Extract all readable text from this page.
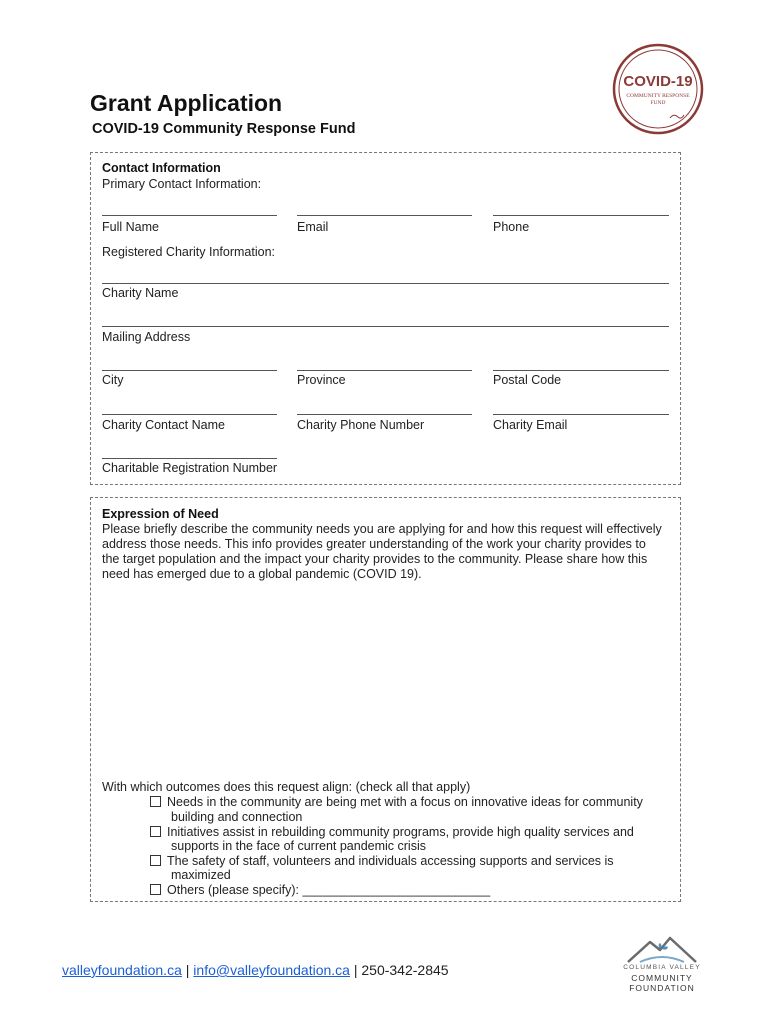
Grant Application
COVID-19 Community Response Fund
COVID-19
COMMUNITY RESPONSE
FUND
Contact Information
Primary Contact Information:
Full Name	Email	Phone
Registered Charity Information:
Charity Name
Mailing Address
City	Province	Postal Code
Charity Contact Name	Charity Phone Number	Charity Email
Charitable Registration Number
Expression of Need
Please briefly describe the community needs you are applying for and how this request will effectively
address those needs. This info provides greater understanding of the work your charity provides to
the target population and the impact your charity provides to the community. Please share how this
need has emerged due to a global pandemic (COVID 19).
With which outcomes does this request align: (check all that apply)
Needs in the community are being met with a focus on innovative ideas for community
building and connection
Initiatives assist in rebuilding community programs, provide high quality services and
supports in the face of current pandemic crisis
The safety of staff, volunteers and individuals accessing supports and services is
maximized
Others (please specify): ___________________________
valleyfoundation.ca | info@valleyfoundation.ca | 250-342-2845	COLUMBIA VALLEY
COMMUNITY FOUNDATION
